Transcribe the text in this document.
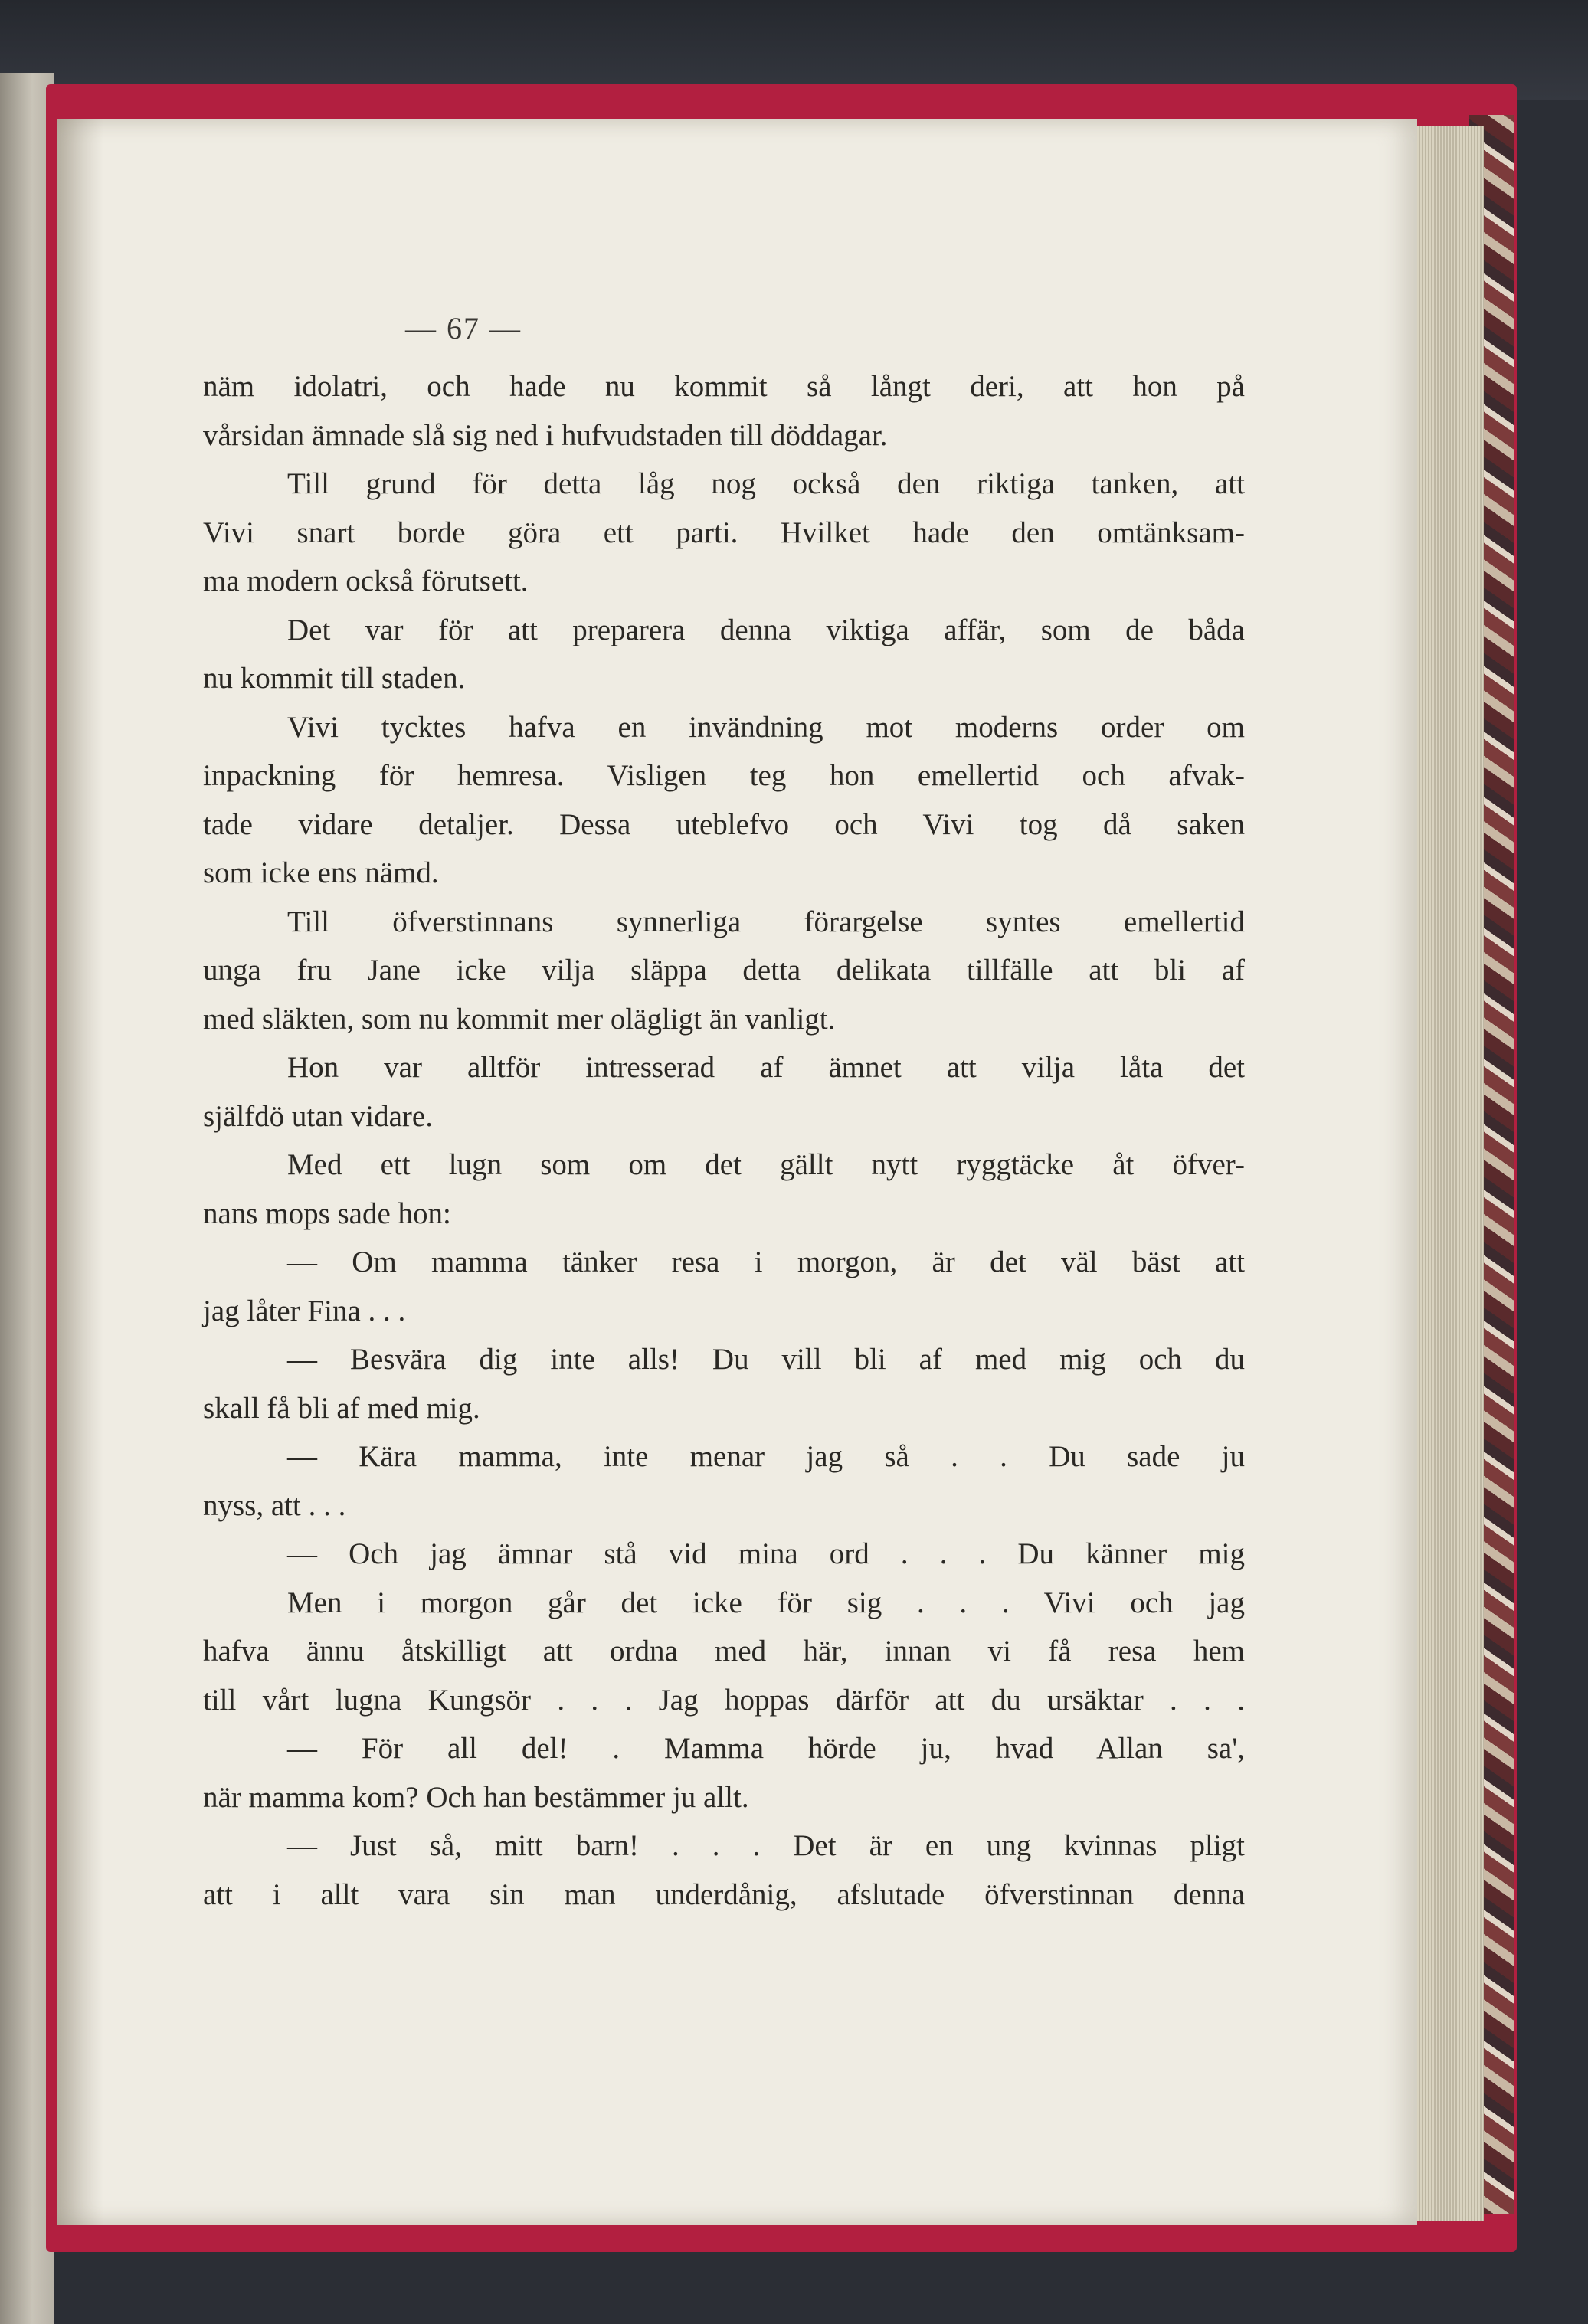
— 67 —
näm idolatri, och hade nu kommit så långt deri, att hon på
vårsidan ämnade slå sig ned i hufvudstaden till döddagar.
Till grund för detta låg nog också den riktiga tanken, att
Vivi snart borde göra ett parti. Hvilket hade den omtänksam-
ma modern också förutsett.
Det var för att preparera denna viktiga affär, som de båda
nu kommit till staden.
Vivi tycktes hafva en invändning mot moderns order om
inpackning för hemresa. Visligen teg hon emellertid och afvak-
tade vidare detaljer. Dessa uteblefvo och Vivi tog då saken
som icke ens nämd.
Till öfverstinnans synnerliga förargelse syntes emellertid
unga fru Jane icke vilja släppa detta delikata tillfälle att bli af
med släkten, som nu kommit mer olägligt än vanligt.
Hon var alltför intresserad af ämnet att vilja låta det
själfdö utan vidare.
Med ett lugn som om det gällt nytt ryggtäcke åt öfver-
nans mops sade hon:
— Om mamma tänker resa i morgon, är det väl bäst att
jag låter Fina . . .
— Besvära dig inte alls! Du vill bli af med mig och du
skall få bli af med mig.
— Kära mamma, inte menar jag så . . Du sade ju
nyss, att . . .
— Och jag ämnar stå vid mina ord . . . Du känner mig
Men i morgon går det icke för sig . . . Vivi och jag
hafva ännu åtskilligt att ordna med här, innan vi få resa hem
till vårt lugna Kungsör . . . Jag hoppas därför att du ursäktar . . .
— För all del! . Mamma hörde ju, hvad Allan sa',
när mamma kom? Och han bestämmer ju allt.
— Just så, mitt barn! . . . Det är en ung kvinnas pligt
att i allt vara sin man underdånig, afslutade öfverstinnan denna
